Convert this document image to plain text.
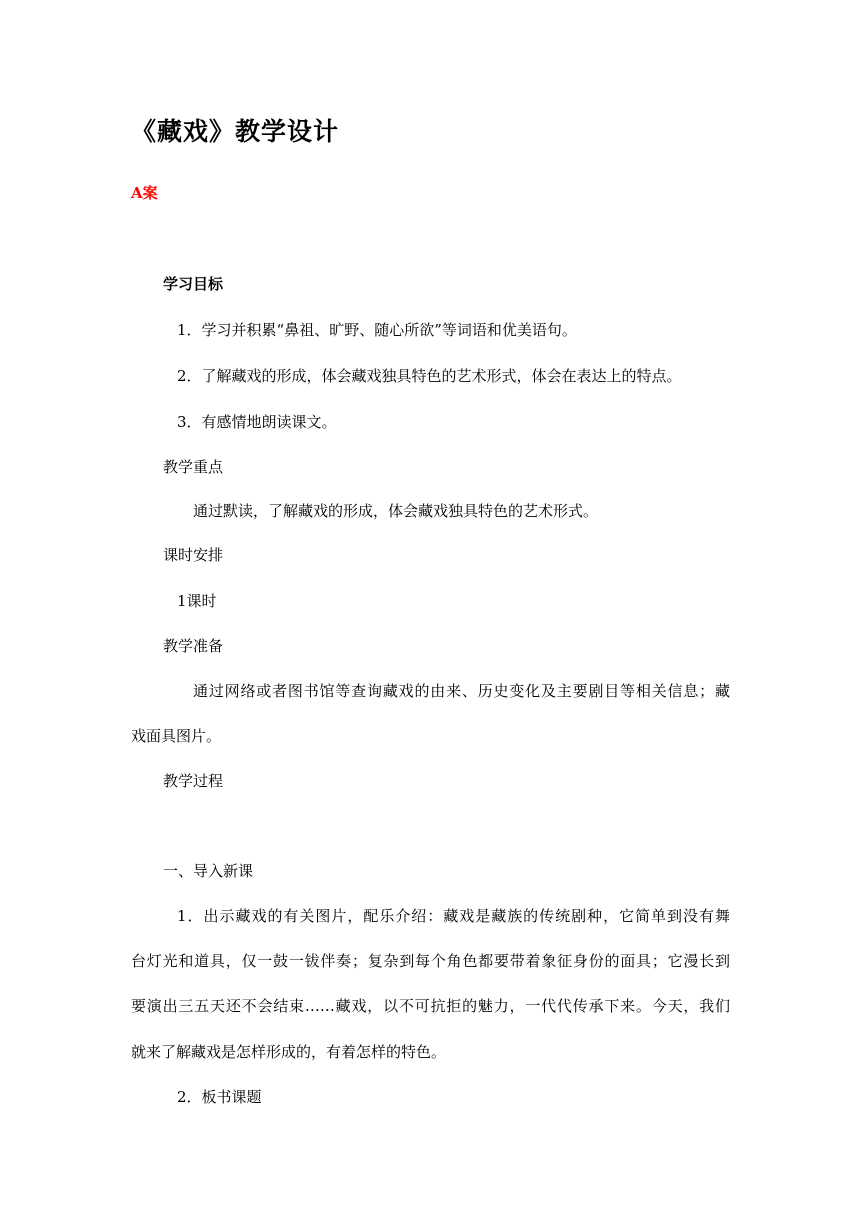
《藏戏》教学设计
A案
学习目标
1．学习并积累“鼻祖、旷野、随心所欲”等词语和优美语句。
2．了解藏戏的形成，体会藏戏独具特色的艺术形式，体会在表达上的特点。
3．有感情地朗读课文。
教学重点
通过默读，了解藏戏的形成，体会藏戏独具特色的艺术形式。
课时安排
1课时
教学准备
通过网络或者图书馆等查询藏戏的由来、历史变化及主要剧目等相关信息；藏
戏面具图片。
教学过程
一、导入新课
1．出示藏戏的有关图片，配乐介绍：藏戏是藏族的传统剧种，它简单到没有舞
台灯光和道具，仅一鼓一钹伴奏；复杂到每个角色都要带着象征身份的面具；它漫长到
要演出三五天还不会结束……藏戏，以不可抗拒的魅力，一代代传承下来。今天，我们
就来了解藏戏是怎样形成的，有着怎样的特色。
2．板书课题
